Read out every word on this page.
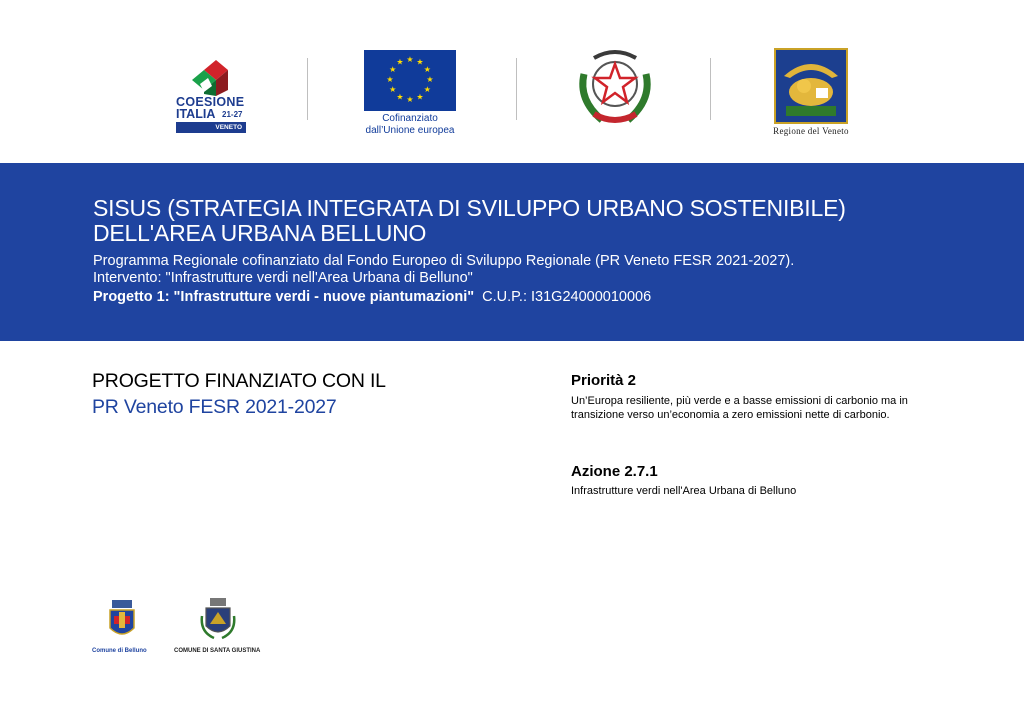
COESIONE
ITALIA 21-27
VENETO
★ ★
★
★
★
★
★
★
★
★
★
★
Cofinanziato
dall’Unione europea	Regione del Veneto
SISUS (STRATEGIA INTEGRATA DI SVILUPPO URBANO SOSTENIBILE)
DELL'AREA URBANA BELLUNO
Programma Regionale cofinanziato dal Fondo Europeo di Sviluppo Regionale (PR Veneto FESR 2021-2027).
Intervento: "Infrastrutture verdi nell'Area Urbana di Belluno"
Progetto 1: "Infrastrutture verdi - nuove piantumazioni" C.U.P.: I31G24000010006
PROGETTO FINANZIATO CON IL
PR Veneto FESR 2021-2027
Priorità 2
Un’Europa resiliente, più verde e a basse emissioni di carbonio ma in transizione verso un’economia a zero emissioni nette di carbonio.
Azione 2.7.1
Infrastrutture verdi nell'Area Urbana di Belluno
Comune di Belluno	COMUNE DI SANTA GIUSTINA
